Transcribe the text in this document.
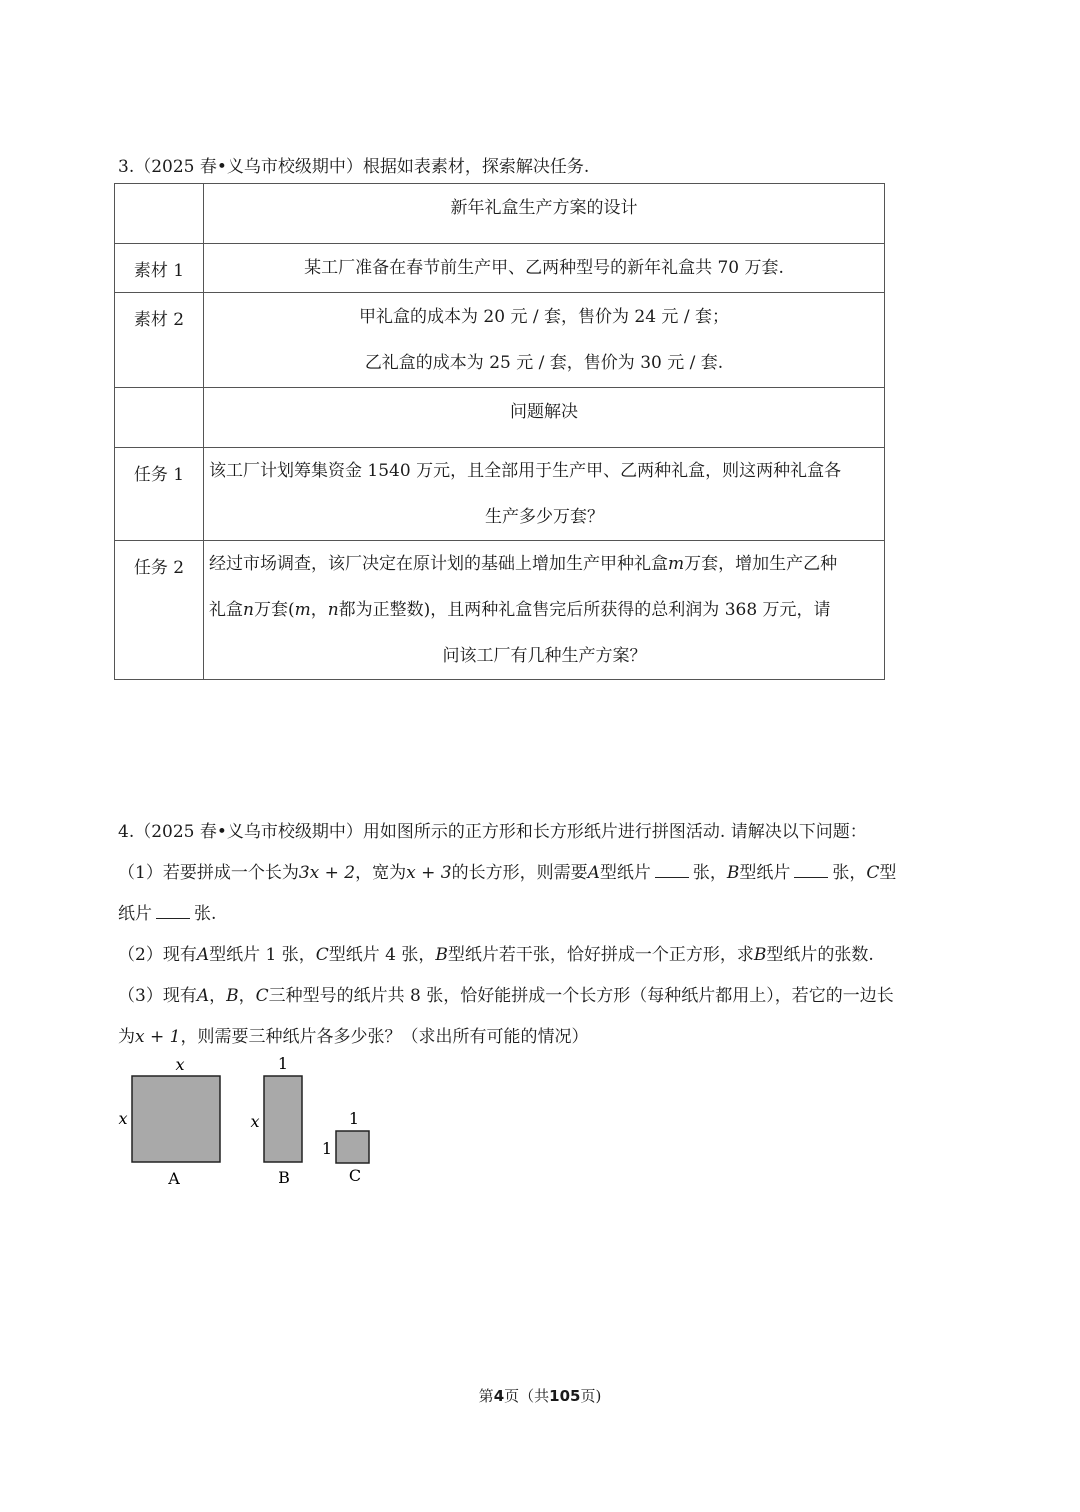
3.（2025 春•义乌市校级期中）根据如表素材，探索解决任务.

	新年礼盒生产方案的设计

素材 1	某工厂准备在春节前生产甲、乙两种型号的新年礼盒共 70 万套.

素材 2	甲礼盒的成本为 20 元 / 套，售价为 24 元 / 套；
乙礼盒的成本为 25 元 / 套，售价为 30 元 / 套.

	问题解决

任务 1	该工厂计划筹集资金 1540 万元，且全部用于生产甲、乙两种礼盒，则这两种礼盒各
生产多少万套？

任务 2	经过市场调查，该厂决定在原计划的基础上增加生产甲种礼盒m万套，增加生产乙种
礼盒n万套(m，n都为正整数)，且两种礼盒售完后所获得的总利润为 368 万元，请
问该工厂有几种生产方案？
4.（2025 春•义乌市校级期中）用如图所示的正方形和长方形纸片进行拼图活动. 请解决以下问题：
（1）若要拼成一个长为3x + 2，宽为x + 3的长方形，则需要A型纸片 张，B型纸片 张，C型
纸片 张.
（2）现有A型纸片 1 张，C型纸片 4 张，B型纸片若干张，恰好拼成一个正方形，求B型纸片的张数.
（3）现有A，B，C三种型号的纸片共 8 张，恰好能拼成一个长方形（每种纸片都用上），若它的一边长
为x + 1，则需要三种纸片各多少张？（求出所有可能的情况）
x
x
A
1
x
B
1
1
C
第4页（共105页)
